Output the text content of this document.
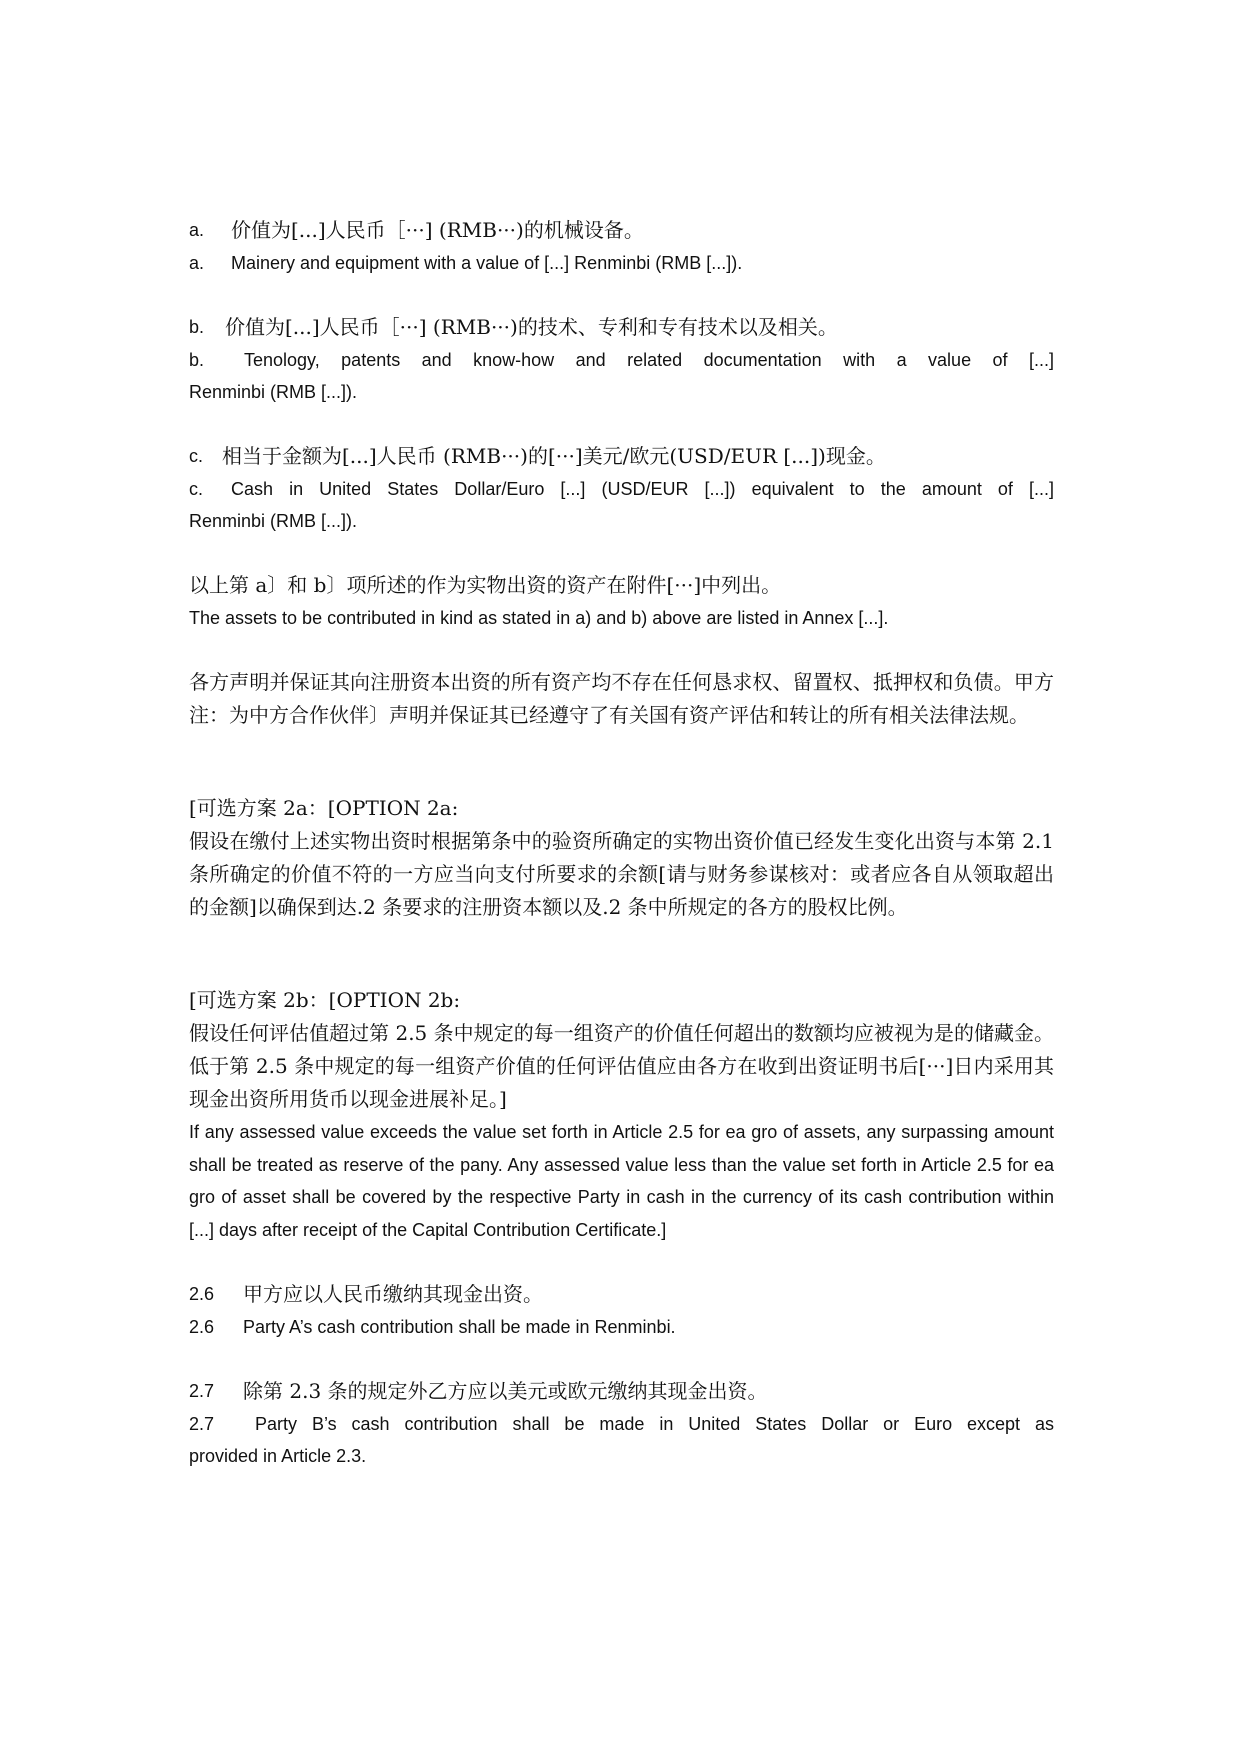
a. 价值为[...]人民币［···] (RMB···)的机械设备。
a. Mainery and equipment with a value of [...] Renminbi (RMB [...]).
b. 价值为[...]人民币［···] (RMB···)的技术、专利和专有技术以及相关。
b.	Tenology, patents and know-how and related documentation with a value of [...]
Renminbi (RMB [...]).
c. 相当于金额为[...]人民币 (RMB···)的[···]美元/欧元(USD/EUR [...])现金。
c.	Cash in United States Dollar/Euro [...] (USD/EUR [...]) equivalent to the amount of [...]
Renminbi (RMB [...]).
以上第 a〕和 b〕项所述的作为实物出资的资产在附件[···]中列出。
The assets to be contributed in kind as stated in a) and b) above are listed in Annex [...].
各方声明并保证其向注册资本出资的所有资产均不存在任何恳求权、留置权、抵押权和负债。甲方注：为中方合作伙伴〕声明并保证其已经遵守了有关国有资产评估和转让的所有相关法律法规。
[可选方案 2a：[OPTION 2a:
假设在缴付上述实物出资时根据第条中的验资所确定的实物出资价值已经发生变化出资与本第 2.1 条所确定的价值不符的一方应当向支付所要求的余额[请与财务参谋核对：或者应各自从领取超出的金额]以确保到达.2 条要求的注册资本额以及.2 条中所规定的各方的股权比例。
[可选方案 2b：[OPTION 2b:
假设任何评估值超过第 2.5 条中规定的每一组资产的价值任何超出的数额均应被视为是的储藏金。低于第 2.5 条中规定的每一组资产价值的任何评估值应由各方在收到出资证明书后[···]日内采用其现金出资所用货币以现金进展补足。]
If any assessed value exceeds the value set forth in Article 2.5 for ea gro of assets, any surpassing amount shall be treated as reserve of the pany. Any assessed value less than the value set forth in Article 2.5 for ea gro of asset shall be covered by the respective Party in cash in the currency of its cash contribution within [...] days after receipt of the Capital Contribution Certificate.]
2.6 甲方应以人民币缴纳其现金出资。
2.6 Party A’s cash contribution shall be made in Renminbi.
2.7 除第 2.3 条的规定外乙方应以美元或欧元缴纳其现金出资。
2.7	Party B’s cash contribution shall be made in United States Dollar or Euro except as
provided in Article 2.3.
